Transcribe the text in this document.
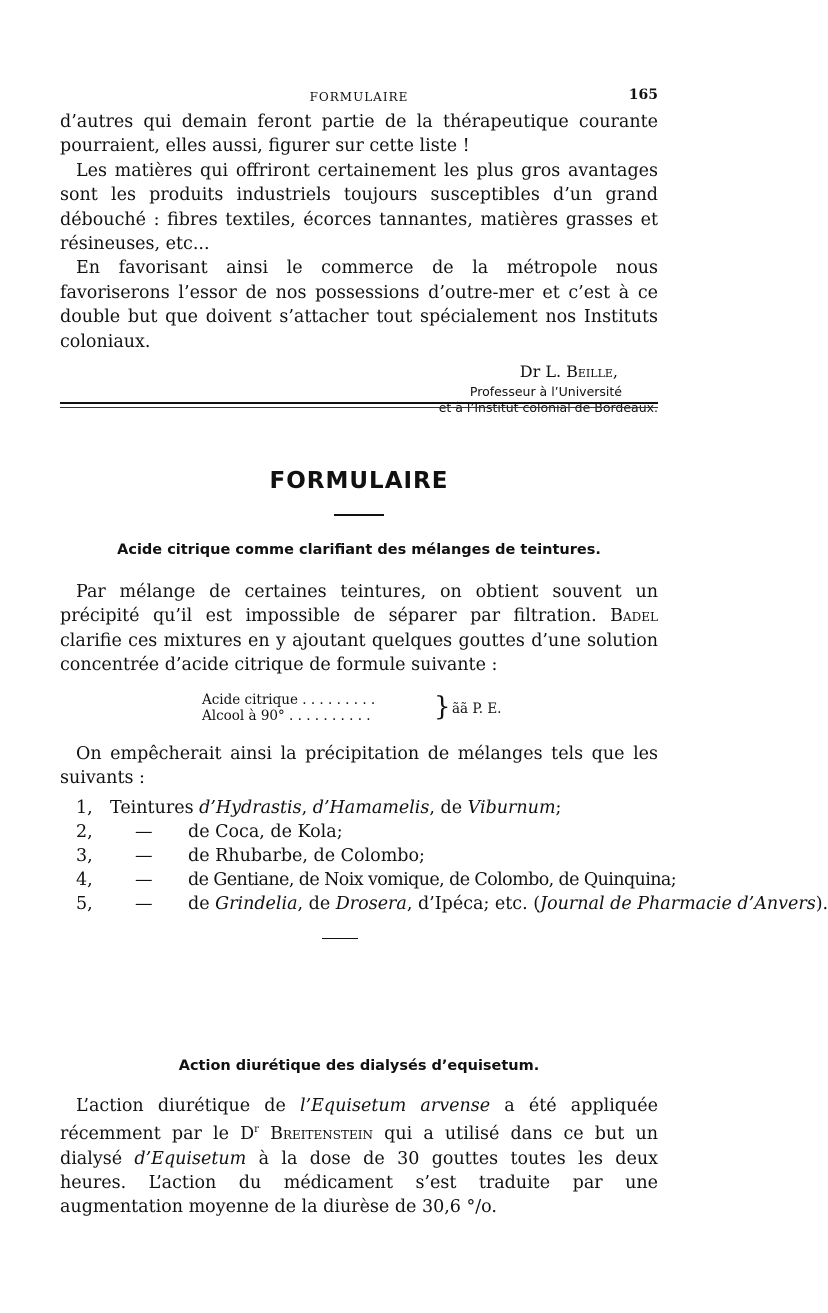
FORMULAIRE	165

d’autres qui demain feront partie de la thérapeutique courante pourraient, elles aussi, figurer sur cette liste !

Les matières qui offriront certainement les plus gros avantages sont les produits industriels toujours susceptibles d’un grand débouché : fibres textiles, écorces tannantes, matières grasses et résineuses, etc...

En favorisant ainsi le commerce de la métropole nous favoriserons l’essor de nos possessions d’outre-mer et c’est à ce double but que doivent s’attacher tout spécialement nos Instituts coloniaux.

Dr L. Beille,
Professeur à l’Université
et à l’Institut colonial de Bordeaux.
FORMULAIRE

Acide citrique comme clarifiant des mélanges de teintures.

Par mélange de certaines teintures, on obtient souvent un précipité qu’il est impossible de séparer par filtration. Badel clarifie ces mixtures en y ajoutant quelques gouttes d’une solution concentrée d’acide citrique de formule suivante :

Acide citrique . . . . . . . . .
Alcool à 90° . . . . . . . . . . } ãã P. E.

On empêcherait ainsi la précipitation de mélanges tels que les suivants :

1, Teintures d’Hydrastis, d’Hamamelis, de Viburnum;
2, — de Coca, de Kola;
3, — de Rhubarbe, de Colombo;
4, — de Gentiane, de Noix vomique, de Colombo, de Quinquina;
5, — de Grindelia, de Drosera, d’Ipéca; etc. (Journal de Pharmacie d’Anvers).

Action diurétique des dialysés d’equisetum.

L’action diurétique de l’Equisetum arvense a été appliquée récemment par le $D^r$ Breitenstein qui a utilisé dans ce but un dialysé d’Equisetum à la dose de 30 gouttes toutes les deux heures. L’action du médicament s’est traduite par une augmentation moyenne de la diurèse de 30,6 °/o.
